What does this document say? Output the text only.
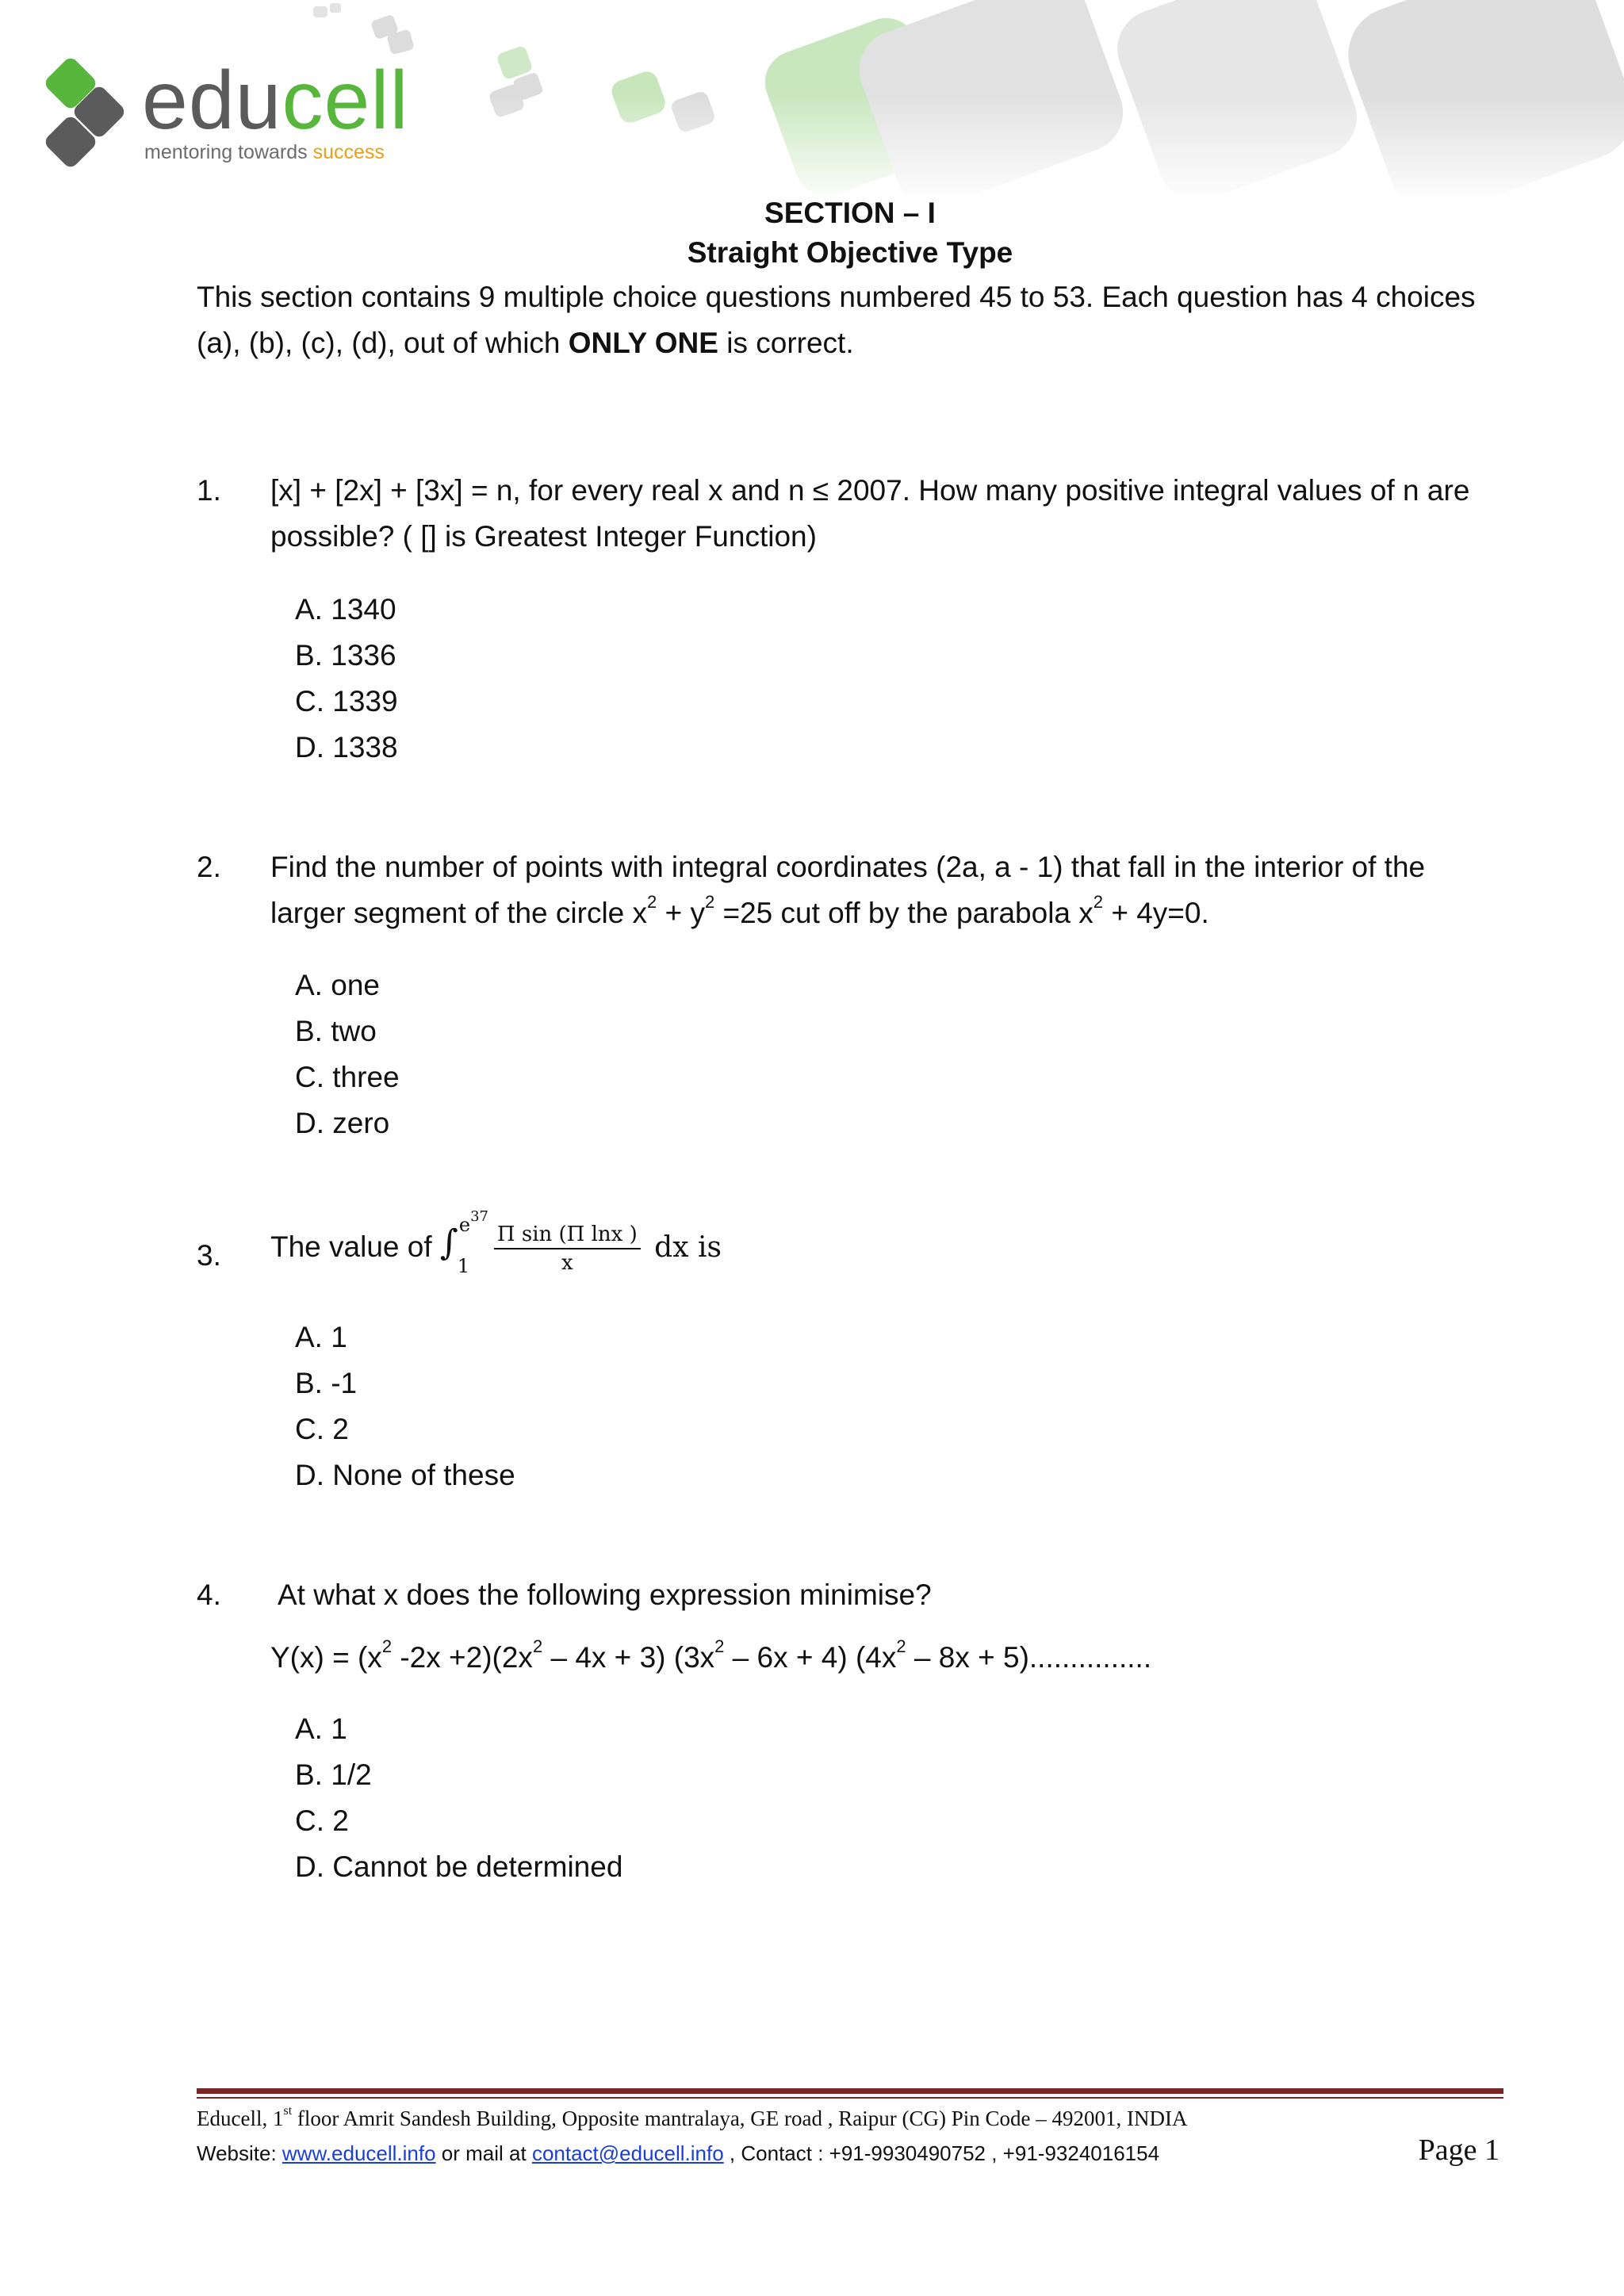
educell
mentoring towards success
SECTION – I
Straight Objective Type
This section contains 9 multiple choice questions numbered 45 to 53. Each question has 4 choices
(a), (b), (c), (d), out of which ONLY ONE is correct.
1. [x] + [2x] + [3x] = n, for every real x and n ≤ 2007. How many positive integral values of n are
possible? ( [] is Greatest Integer Function)
A. 1340
B. 1336
C. 1339
D. 1338
2. Find the number of points with integral coordinates (2a, a - 1) that fall in the interior of the
larger segment of the circle $x^2 + y^2 =25$ cut off by the parabola $x^2 + 4y=0$.
A. one
B. two
C. three
D. zero
3. The value of ∫ $e^{37}$
$1 \frac{\text{Π sin (Π lnx )}}{x}$ dx is
A. 1
B. -1
C. 2
D. None of these
4. At what x does the following expression minimise?
$Y(x) = (x^2$ $-2x +2)(2x^2 - 4x + 3)$ $(3x^2 - 6x + 4)$ $(4x^2 - 8x + 5)$...............
A. 1
B. 1/2
C. 2
D. Cannot be determined
Educell, 1st floor Amrit Sandesh Building, Opposite mantralaya, GE road , Raipur (CG) Pin Code – 492001, INDIA
Website: www.educell.info or mail at contact@educell.info , Contact : +91-9930490752 , +91-9324016154	Page 1
